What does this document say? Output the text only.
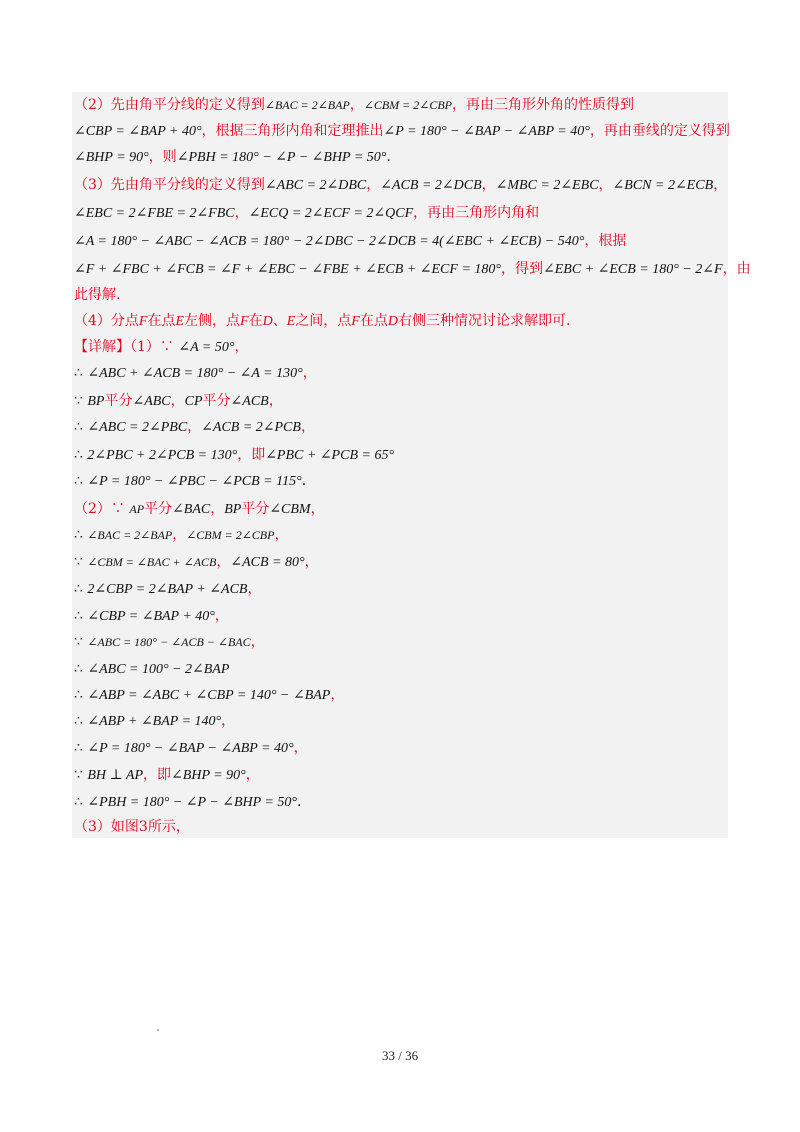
（2）先由角平分线的定义得到∠BAC = 2∠BAP，∠CBM = 2∠CBP，再由三角形外角的性质得到
∠CBP = ∠BAP + 40°，根据三角形内角和定理推出∠P = 180° − ∠BAP − ∠ABP = 40°，再由垂线的定义得到
∠BHP = 90°，则∠PBH = 180° − ∠P − ∠BHP = 50°.
（3）先由角平分线的定义得到∠ABC = 2∠DBC，∠ACB = 2∠DCB，∠MBC = 2∠EBC，∠BCN = 2∠ECB，
∠EBC = 2∠FBE = 2∠FBC，∠ECQ = 2∠ECF = 2∠QCF，再由三角形内角和
∠A = 180° − ∠ABC − ∠ACB = 180° − 2∠DBC − 2∠DCB = 4(∠EBC + ∠ECB) − 540°，根据
∠F + ∠FBC + ∠FCB = ∠F + ∠EBC − ∠FBE + ∠ECB + ∠ECF = 180°，得到∠EBC + ∠ECB = 180° − 2∠F，由
此得解.
（4）分点F在点E左侧，点F在D、E之间，点F在点D右侧三种情况讨论求解即可.
【详解】（1）∵ ∠A = 50°，
∴ ∠ABC + ∠ACB = 180° − ∠A = 130°，
∵ BP平分∠ABC，CP平分∠ACB，
∴ ∠ABC = 2∠PBC，∠ACB = 2∠PCB，
∴ 2∠PBC + 2∠PCB = 130°，即∠PBC + ∠PCB = 65°
∴ ∠P = 180° − ∠PBC − ∠PCB = 115°.
（2）∵ AP平分∠BAC，BP平分∠CBM，
∴ ∠BAC = 2∠BAP，∠CBM = 2∠CBP，
∵ ∠CBM = ∠BAC + ∠ACB，∠ACB = 80°，
∴ 2∠CBP = 2∠BAP + ∠ACB，
∴ ∠CBP = ∠BAP + 40°，
∵ ∠ABC = 180° − ∠ACB − ∠BAC，
∴ ∠ABC = 100° − 2∠BAP
∴ ∠ABP = ∠ABC + ∠CBP = 140° − ∠BAP，
∴ ∠ABP + ∠BAP = 140°，
∴ ∠P = 180° − ∠BAP − ∠ABP = 40°，
∵ BH ⊥ AP，即∠BHP = 90°，
∴ ∠PBH = 180° − ∠P − ∠BHP = 50°.
（3）如图3所示，
33 / 36
